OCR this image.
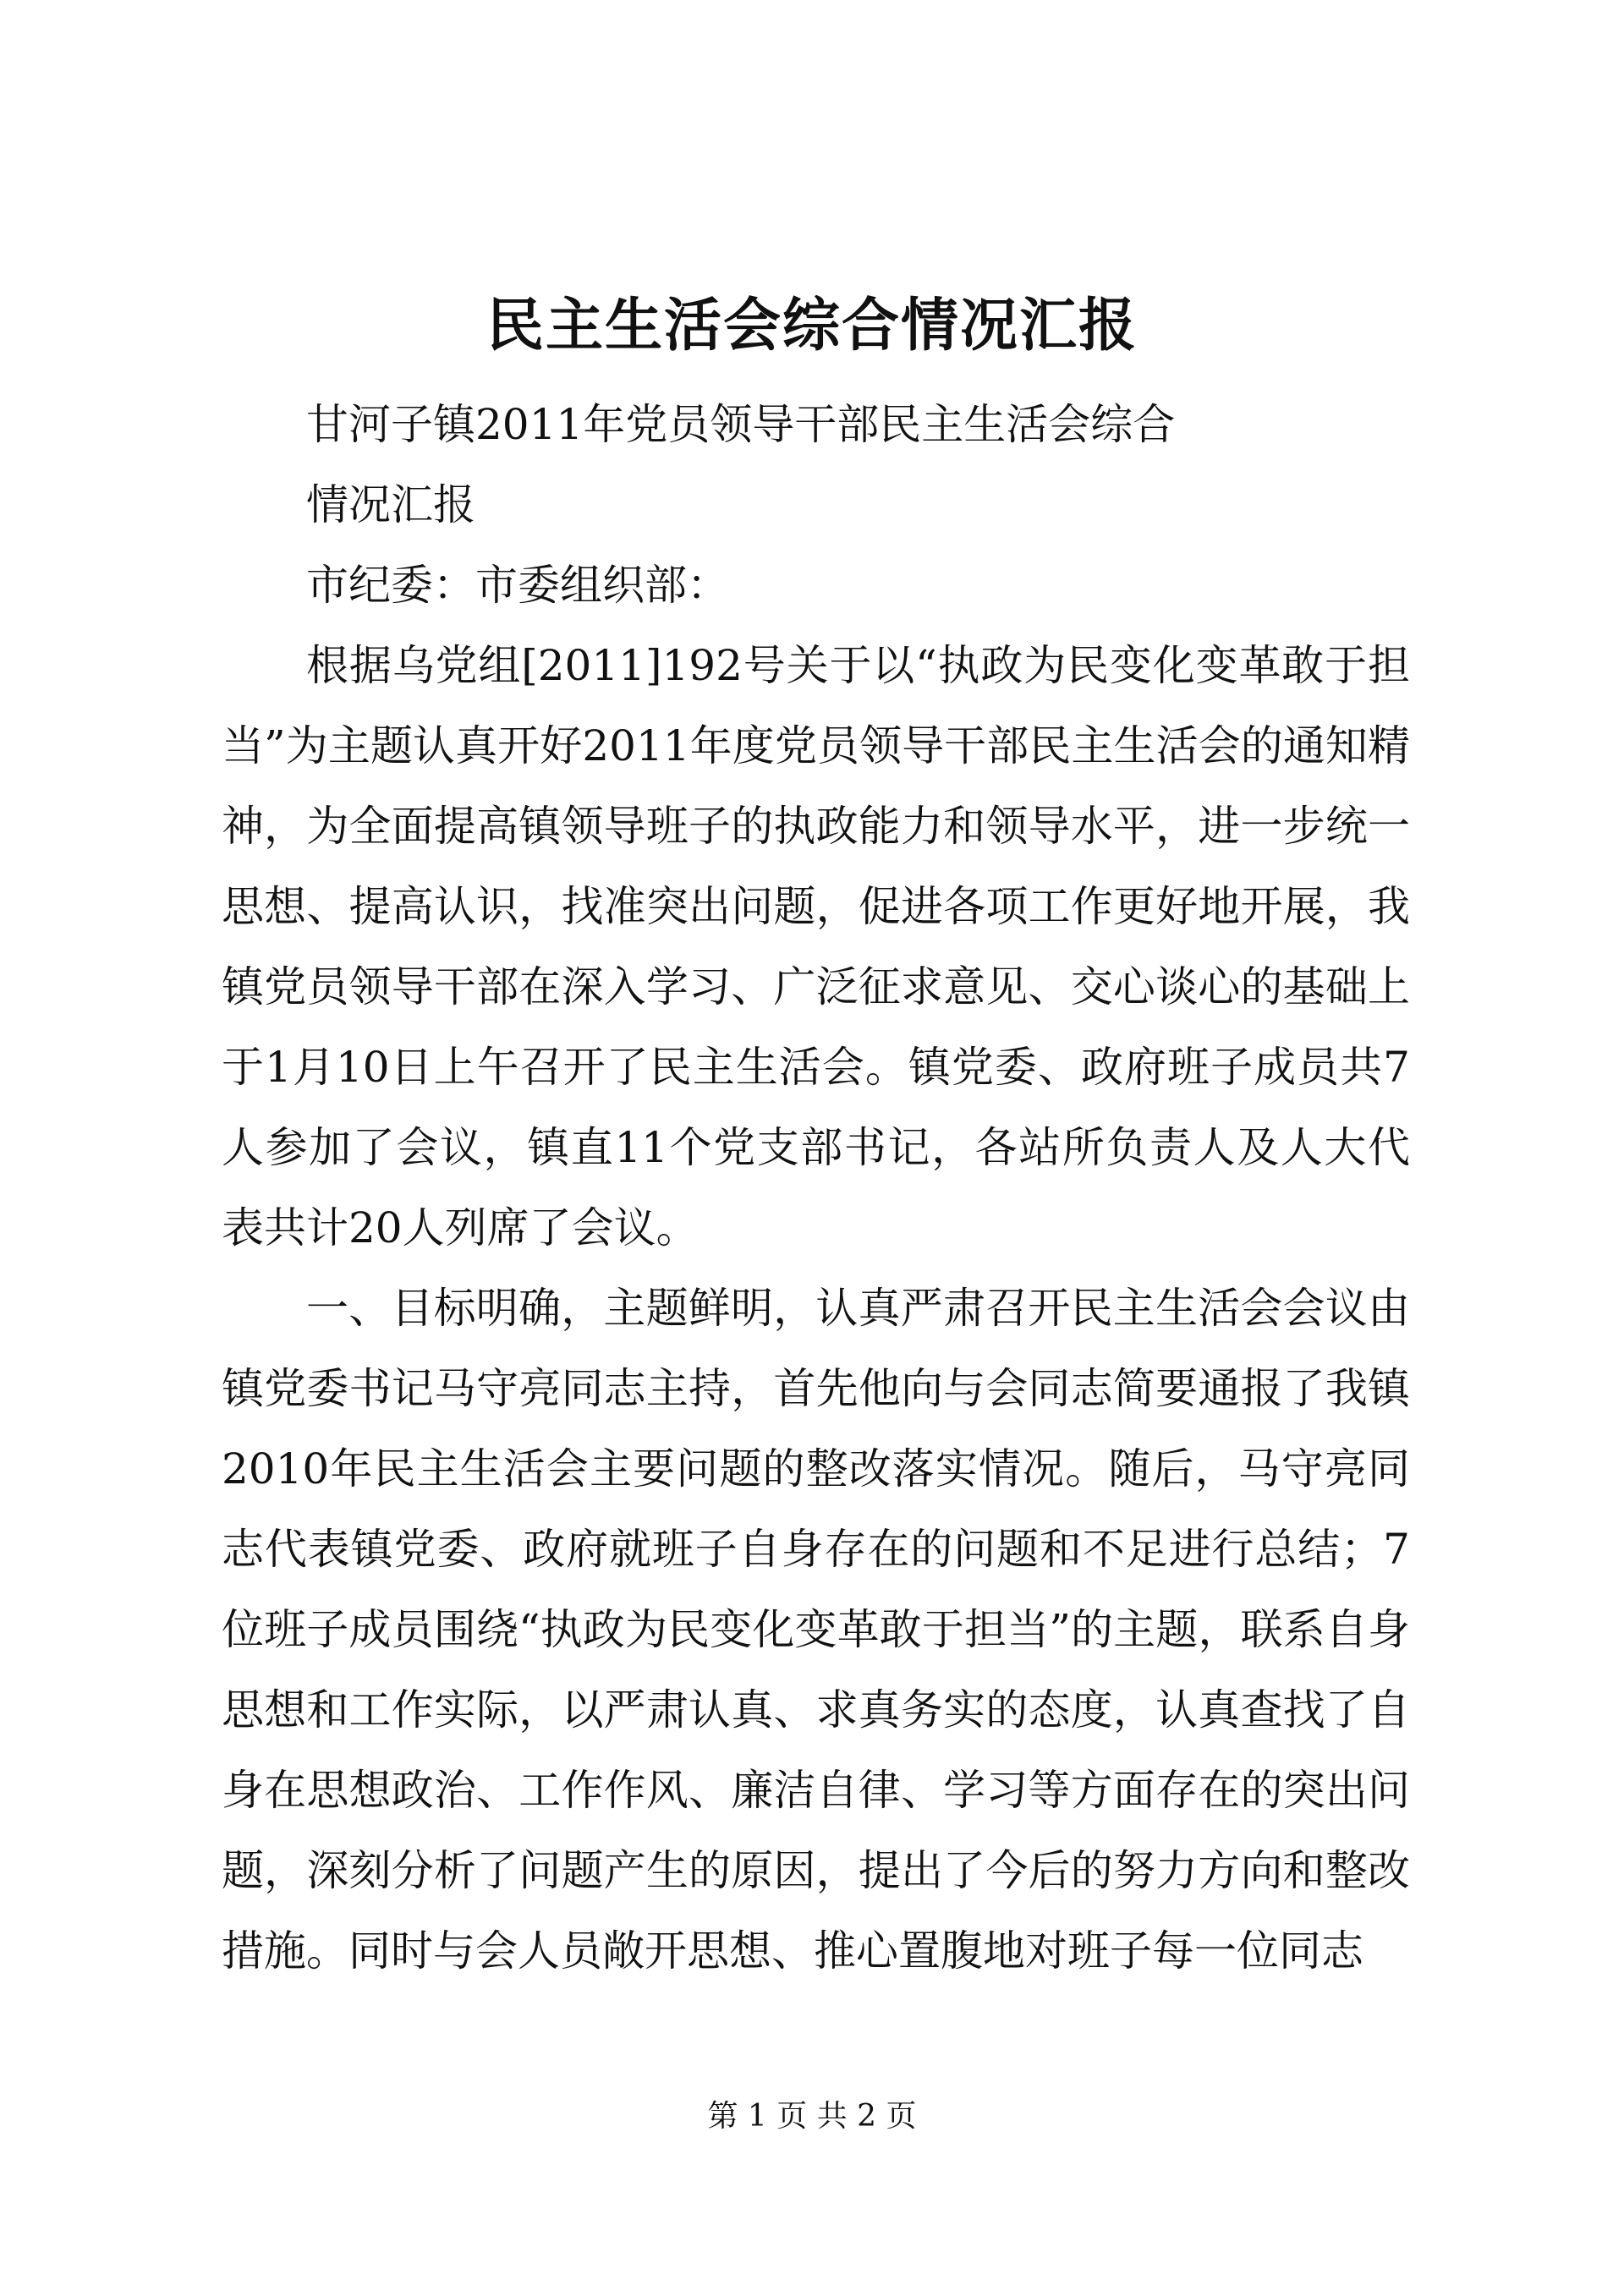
民主生活会综合情况汇报

甘河子镇2011年党员领导干部民主生活会综合

情况汇报

市纪委：市委组织部：

根据乌党组[2011]192号关于以“执政为民变化变革敢于担当”为主题认真开好2011年度党员领导干部民主生活会的通知精神，为全面提高镇领导班子的执政能力和领导水平，进一步统一思想、提高认识，找准突出问题，促进各项工作更好地开展，我镇党员领导干部在深入学习、广泛征求意见、交心谈心的基础上于1月10日上午召开了民主生活会。镇党委、政府班子成员共7人参加了会议，镇直11个党支部书记，各站所负责人及人大代表共计20人列席了会议。

一、目标明确，主题鲜明，认真严肃召开民主生活会会议由镇党委书记马守亮同志主持，首先他向与会同志简要通报了我镇2010年民主生活会主要问题的整改落实情况。随后，马守亮同志代表镇党委、政府就班子自身存在的问题和不足进行总结；7位班子成员围绕“执政为民变化变革敢于担当”的主题，联系自身思想和工作实际，以严肃认真、求真务实的态度，认真查找了自身在思想政治、工作作风、廉洁自律、学习等方面存在的突出问题，深刻分析了问题产生的原因，提出了今后的努力方向和整改措施。同时与会人员敞开思想、推心置腹地对班子每一位同志

第 1 页 共 2 页
